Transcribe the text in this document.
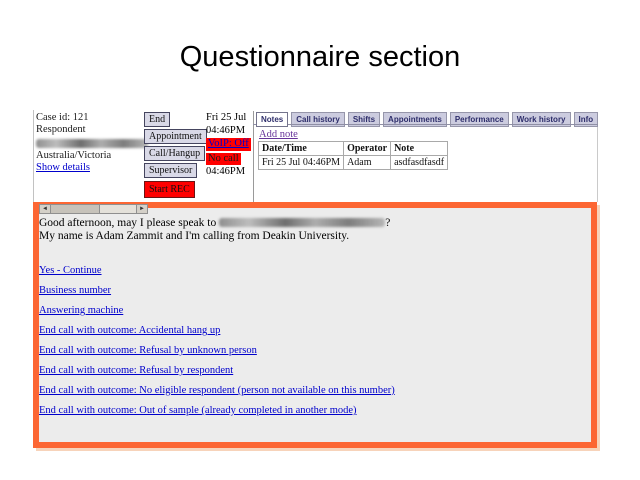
Questionnaire section
Case id: 121
Respondent
Australia/Victoria
Show details
End
Appointment
Call/Hangup
Supervisor
Start REC
Fri 25 Jul
04:46PM
VoIP: Off
No call
04:46PM
Notes	Call history	Shifts	Appointments	Performance	Work history	Info
Add note
Date/Time	Operator	Note
Fri 25 Jul 04:46PM	Adam	asdfasdfasdf
◄	►
Good afternoon, may I please speak to	?
My name is Adam Zammit and I'm calling from Deakin University.
Yes - Continue
Business number
Answering machine
End call with outcome: Accidental hang up
End call with outcome: Refusal by unknown person
End call with outcome: Refusal by respondent
End call with outcome: No eligible respondent (person not available on this number)
End call with outcome: Out of sample (already completed in another mode)
